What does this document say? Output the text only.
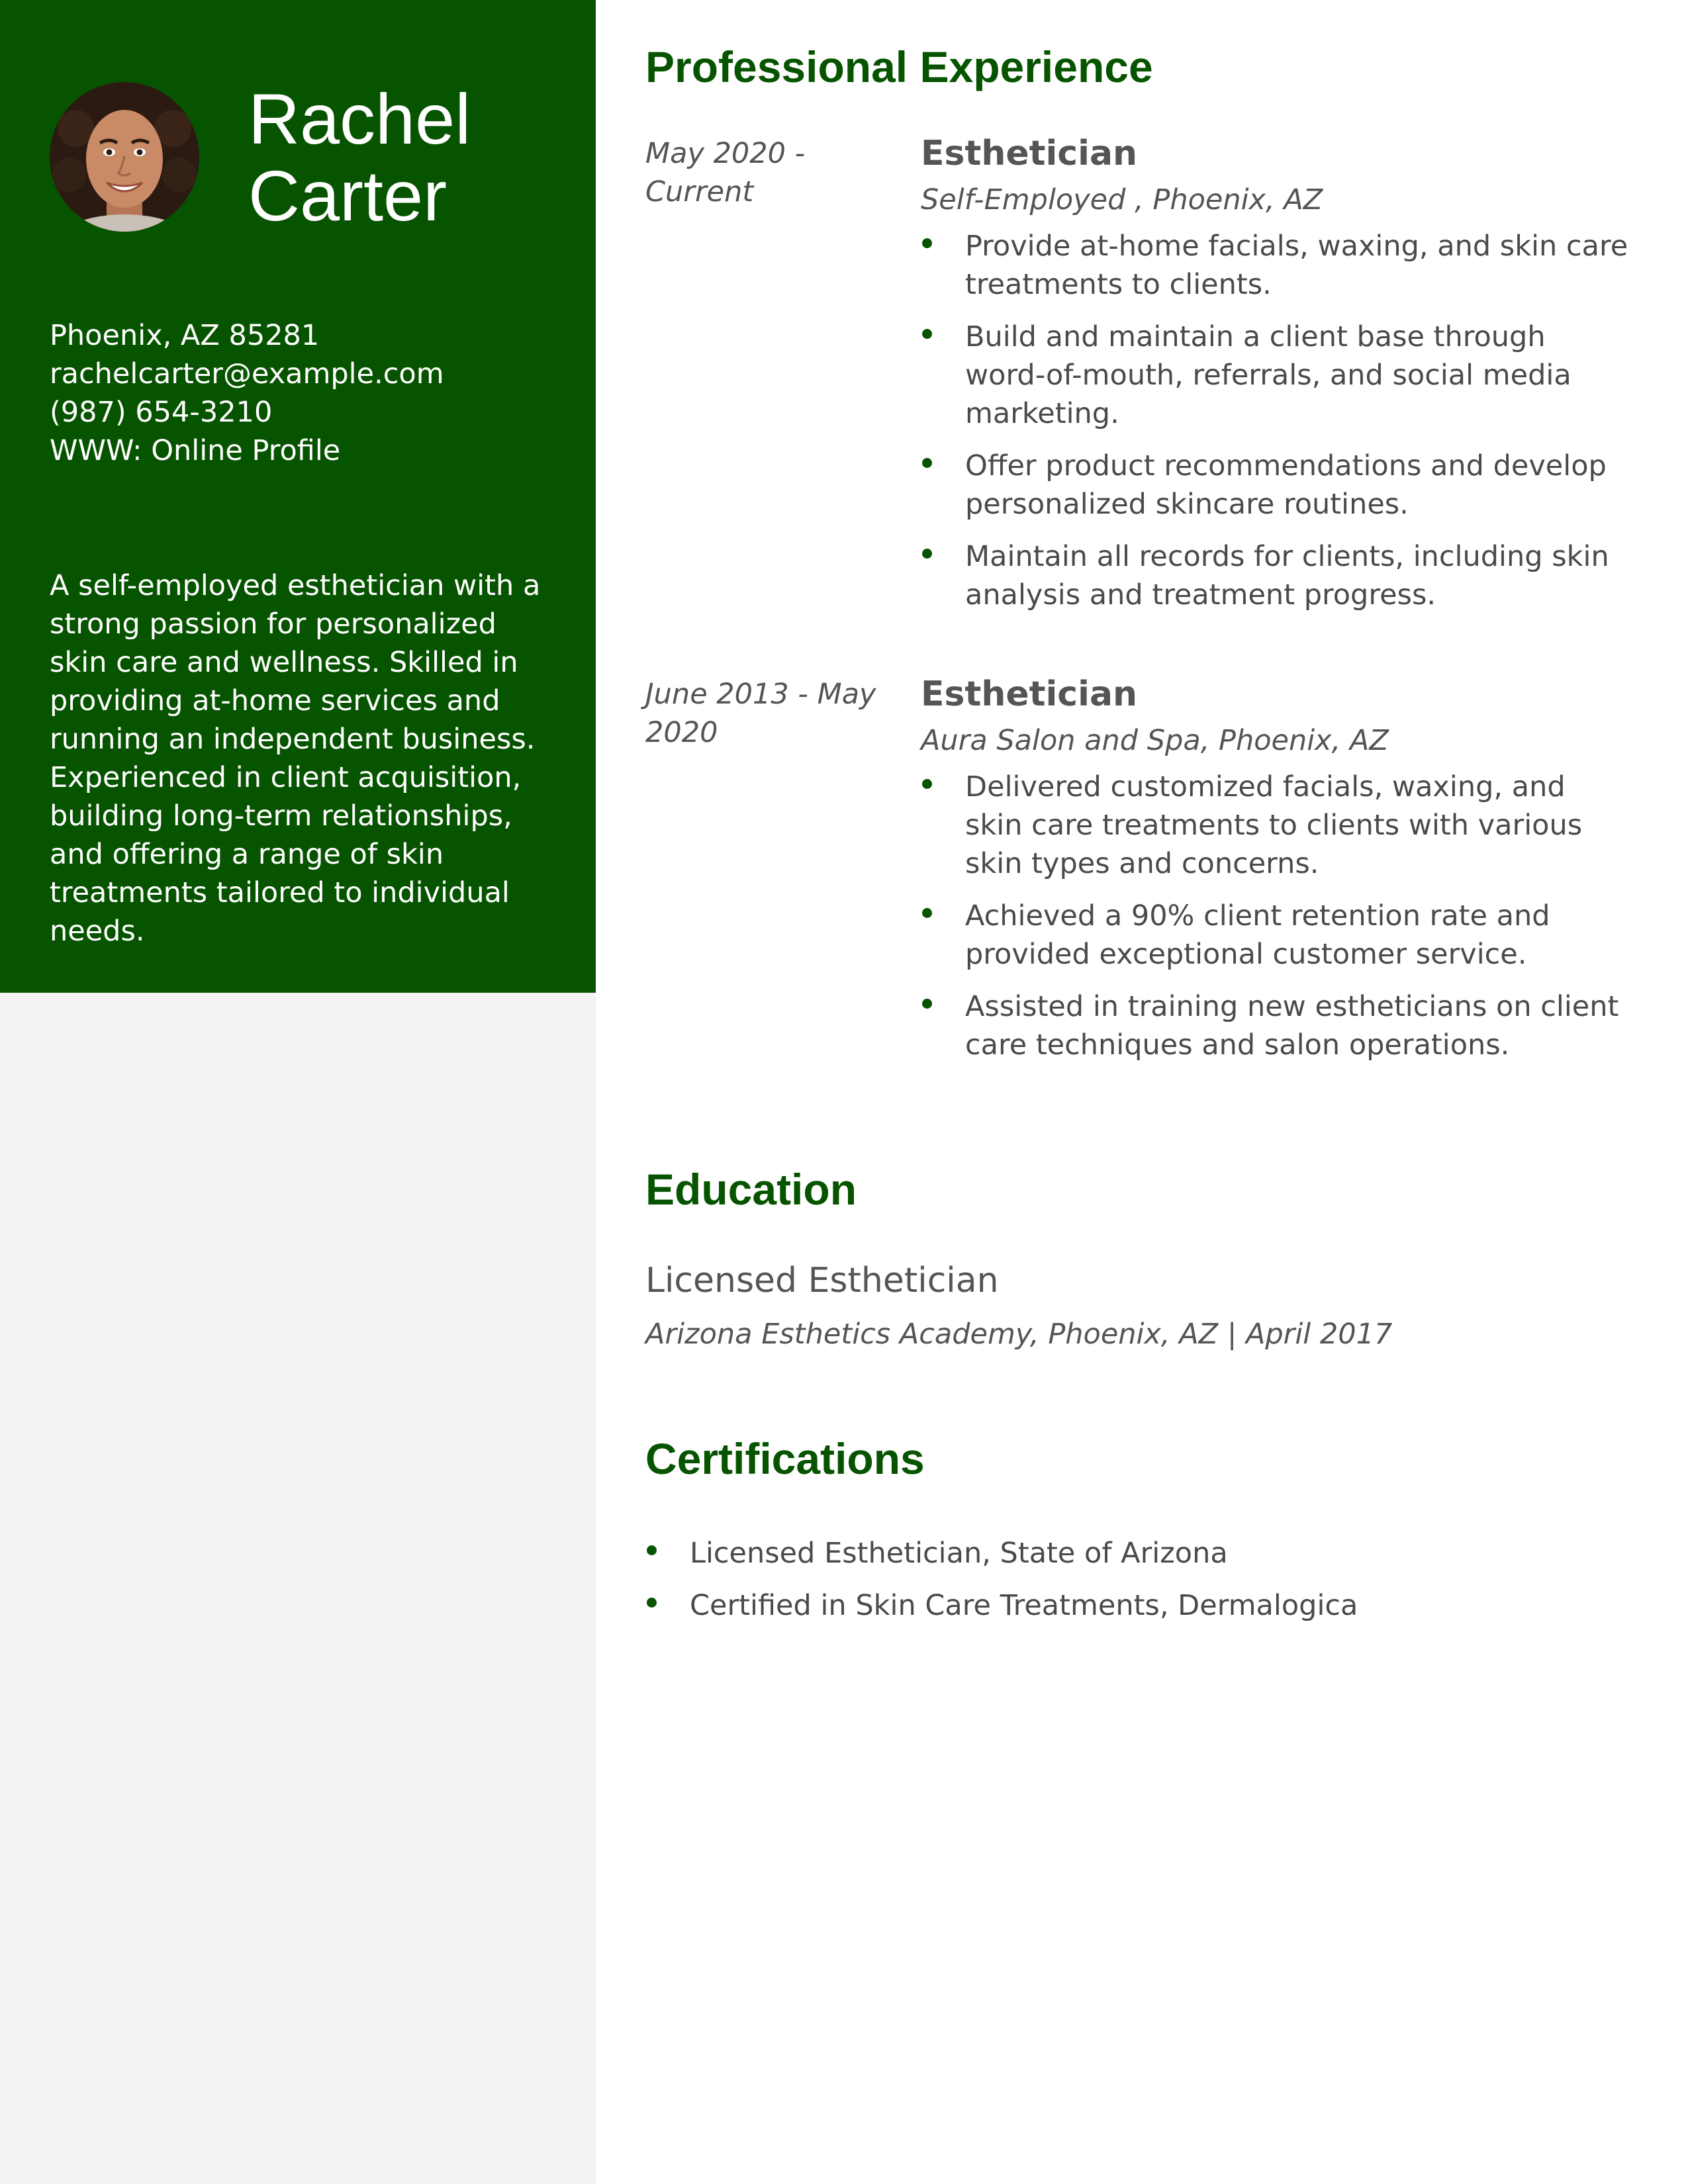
Rachel
Carter
Phoenix, AZ 85281
rachelcarter@example.com
(987) 654-3210
WWW: Online Profile

A self-employed esthetician with a strong passion for personalized skin care and wellness. Skilled in providing at-home services and running an independent business. Experienced in client acquisition, building long-term relationships, and offering a range of skin treatments tailored to individual needs.

Professional Experience
May 2020 - Current
Esthetician
Self-Employed , Phoenix, AZ
Provide at-home facials, waxing, and skin care treatments to clients.
Build and maintain a client base through word-of-mouth, referrals, and social media marketing.
Offer product recommendations and develop personalized skincare routines.
Maintain all records for clients, including skin analysis and treatment progress.
June 2013 - May 2020
Esthetician
Aura Salon and Spa, Phoenix, AZ
Delivered customized facials, waxing, and skin care treatments to clients with various skin types and concerns.
Achieved a 90% client retention rate and provided exceptional customer service.
Assisted in training new estheticians on client care techniques and salon operations.
Education
Licensed Esthetician
Arizona Esthetics Academy, Phoenix, AZ | April 2017
Certifications
Licensed Esthetician, State of Arizona
Certified in Skin Care Treatments, Dermalogica
